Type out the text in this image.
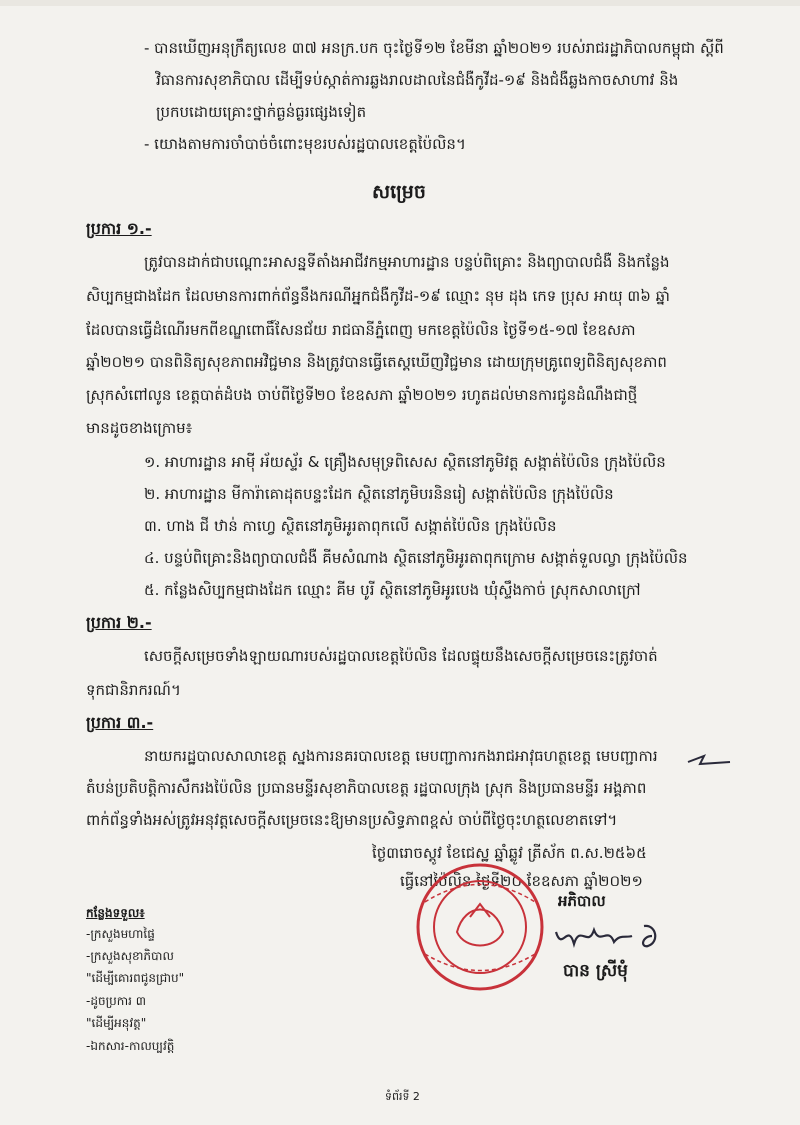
- បានឃើញអនុក្រឹត្យលេខ ៣៧ អនក្រ.បក ចុះថ្ងៃទី១២ ខែមីនា ឆ្នាំ២០២១ របស់រាជរដ្ឋាភិបាលកម្ពុជា ស្ដីពី
វិធានការសុខាភិបាល ដើម្បីទប់ស្កាត់ការឆ្លងរាលដាលនៃជំងឺកូវីដ-១៩ និងជំងឺឆ្លងកាចសាហាវ និង
ប្រកបដោយគ្រោះថ្នាក់ធ្ងន់ធ្ងរផ្សេងទៀត
- យោងតាមការចាំបាច់ចំពោះមុខរបស់រដ្ឋបាលខេត្តប៉ៃលិន។
សម្រេច
ប្រការ ១.-
ត្រូវបានដាក់ជាបណ្ដោះអាសន្នទីតាំងអាជីវកម្មអាហារដ្ឋាន បន្ទប់ពិគ្រោះ និងព្យាបាលជំងឺ និងកន្លែង
សិប្បកម្មជាងដែក ដែលមានការពាក់ព័ន្ធនឹងករណីអ្នកជំងឺកូវីដ-១៩ ឈ្មោះ នុម ដុង កេទ ប្រុស អាយុ ៣៦ ឆ្នាំ
ដែលបានធ្វើដំណើរមកពីខណ្ឌពោធិ៍សែនជ័យ រាជធានីភ្នំពេញ មកខេត្តប៉ៃលិន ថ្ងៃទី១៥-១៧ ខែឧសភា
ឆ្នាំ២០២១ បានពិនិត្យសុខភាពអវិជ្ជមាន និងត្រូវបានធ្វើតេស្ដឃើញវិជ្ជមាន ដោយក្រុមគ្រូពេទ្យពិនិត្យសុខភាព
ស្រុកសំពៅលូន ខេត្តបាត់ដំបង ចាប់ពីថ្ងៃទី២០ ខែឧសភា ឆ្នាំ២០២១ រហូតដល់មានការជូនដំណឹងជាថ្មី
មានដូចខាងក្រោម៖
១. អាហារដ្ឋាន អាម៉ី អ័យស្ទ័រ & គ្រឿងសមុទ្រពិសេស ស្ថិតនៅភូមិវត្ត សង្កាត់ប៉ៃលិន ក្រុងប៉ៃលិន
២. អាហារដ្ឋាន មីការ៉ាគោដុតបន្ទះដែក ស្ថិតនៅភូមិបរនិនរៀ សង្កាត់ប៉ៃលិន ក្រុងប៉ៃលិន
៣. ហាង ជី ឋាន់ កាហ្វេ ស្ថិតនៅភូមិអូរតាពុកលើ សង្កាត់ប៉ៃលិន ក្រុងប៉ៃលិន
៤. បន្ទប់ពិគ្រោះនិងព្យាបាលជំងឺ គីមសំណាង ស្ថិតនៅភូមិអូរតាពុកក្រោម សង្កាត់ទួលល្វា ក្រុងប៉ៃលិន
៥. កន្លែងសិប្បកម្មជាងដែក ឈ្មោះ គីម បូរី ស្ថិតនៅភូមិអូរបេង ឃុំស្ទឹងកាច់ ស្រុកសាលាក្រៅ
ប្រការ ២.-
សេចក្ដីសម្រេចទាំងឡាយណារបស់រដ្ឋបាលខេត្តប៉ៃលិន ដែលផ្ទុយនឹងសេចក្ដីសម្រេចនេះត្រូវចាត់
ទុកជានិរាករណ៍។
ប្រការ ៣.-
នាយករដ្ឋបាលសាលាខេត្ត ស្នងការនគរបាលខេត្ត មេបញ្ជាការកងរាជអាវុធហត្ថខេត្ត មេបញ្ជាការ
តំបន់ប្រតិបត្តិការសឹករងប៉ៃលិន ប្រធានមន្ទីរសុខាភិបាលខេត្ត រដ្ឋបាលក្រុង ស្រុក និងប្រធានមន្ទីរ អង្គភាព
ពាក់ព័ន្ធទាំងអស់ត្រូវអនុវត្តសេចក្ដីសម្រេចនេះឱ្យមានប្រសិទ្ធភាពខ្ពស់ ចាប់ពីថ្ងៃចុះហត្ថលេខាតទៅ។
ថ្ងៃ៣រោចស្ដូវ ខែជេស្ឋ ឆ្នាំឆ្លូវ ត្រីស័ក ព.ស.២៥៦៥
ធ្វើនៅប៉ៃលិន ថ្ងៃទី២០ ខែឧសភា ឆ្នាំ២០២១
អភិបាល
បាន ស្រីមុំ
កន្លែងទទួល៖
-ក្រសួងមហាផ្ទៃ
-ក្រសួងសុខាភិបាល
"ដើម្បីគោរពជូនជ្រាប"
-ដូចប្រការ ៣
"ដើម្បីអនុវត្ត"
-ឯកសារ-កាលប្បវត្តិ
ទំព័រទី 2
